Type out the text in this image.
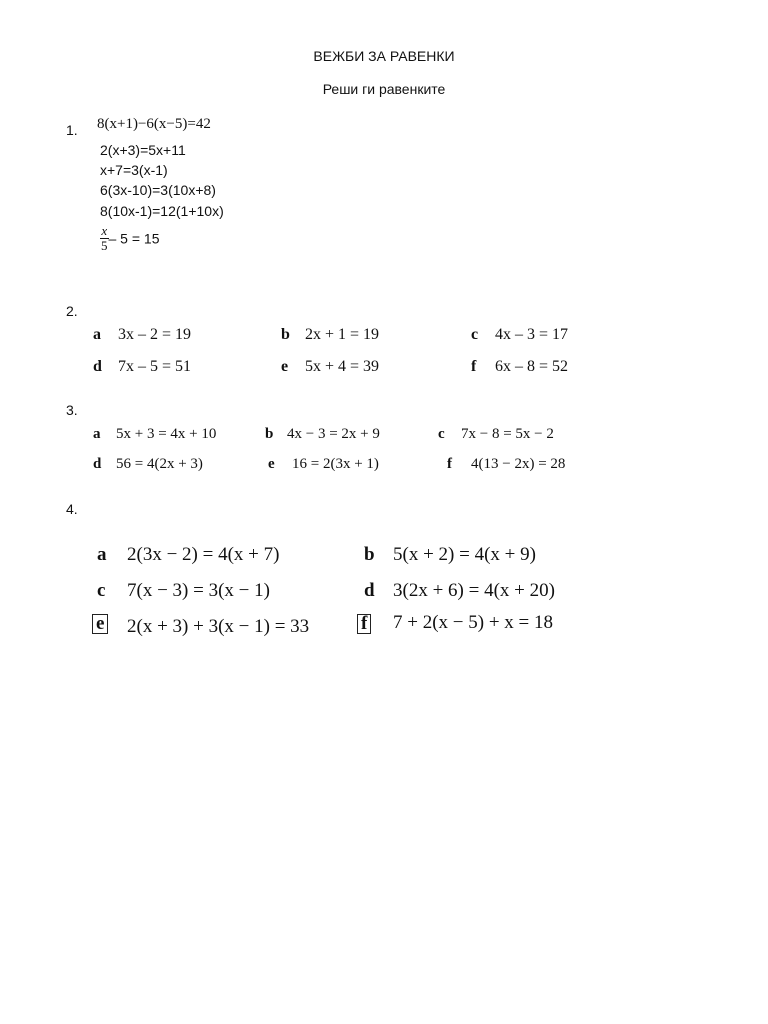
ВЕЖБИ ЗА РАВЕНКИ
Реши ги равенките
1. 8(x+1)−6(x−5)=42
2(x+3)=5x+11
x+7=3(x-1)
6(3x-10)=3(10x+8)
8(10x-1)=12(1+10x)
$\frac{x}{5} - 5 = 15$
2.
a 3x – 2 = 19	b 2x + 1 = 19	c 4x – 3 = 17
d 7x – 5 = 51	e 5x + 4 = 39	f 6x – 8 = 52
3.
a 5x + 3 = 4x + 10	b 4x − 3 = 2x + 9	c 7x − 8 = 5x − 2
d 56 = 4(2x + 3)	e 16 = 2(3x + 1)	f 4(13 − 2x) = 28
4.
a 2(3x − 2) = 4(x + 7)	b 5(x + 2) = 4(x + 9)
c 7(x − 3) = 3(x − 1)	d 3(2x + 6) = 4(x + 20)
e 2(x + 3) + 3(x − 1) = 33	f 7 + 2(x − 5) + x = 18
